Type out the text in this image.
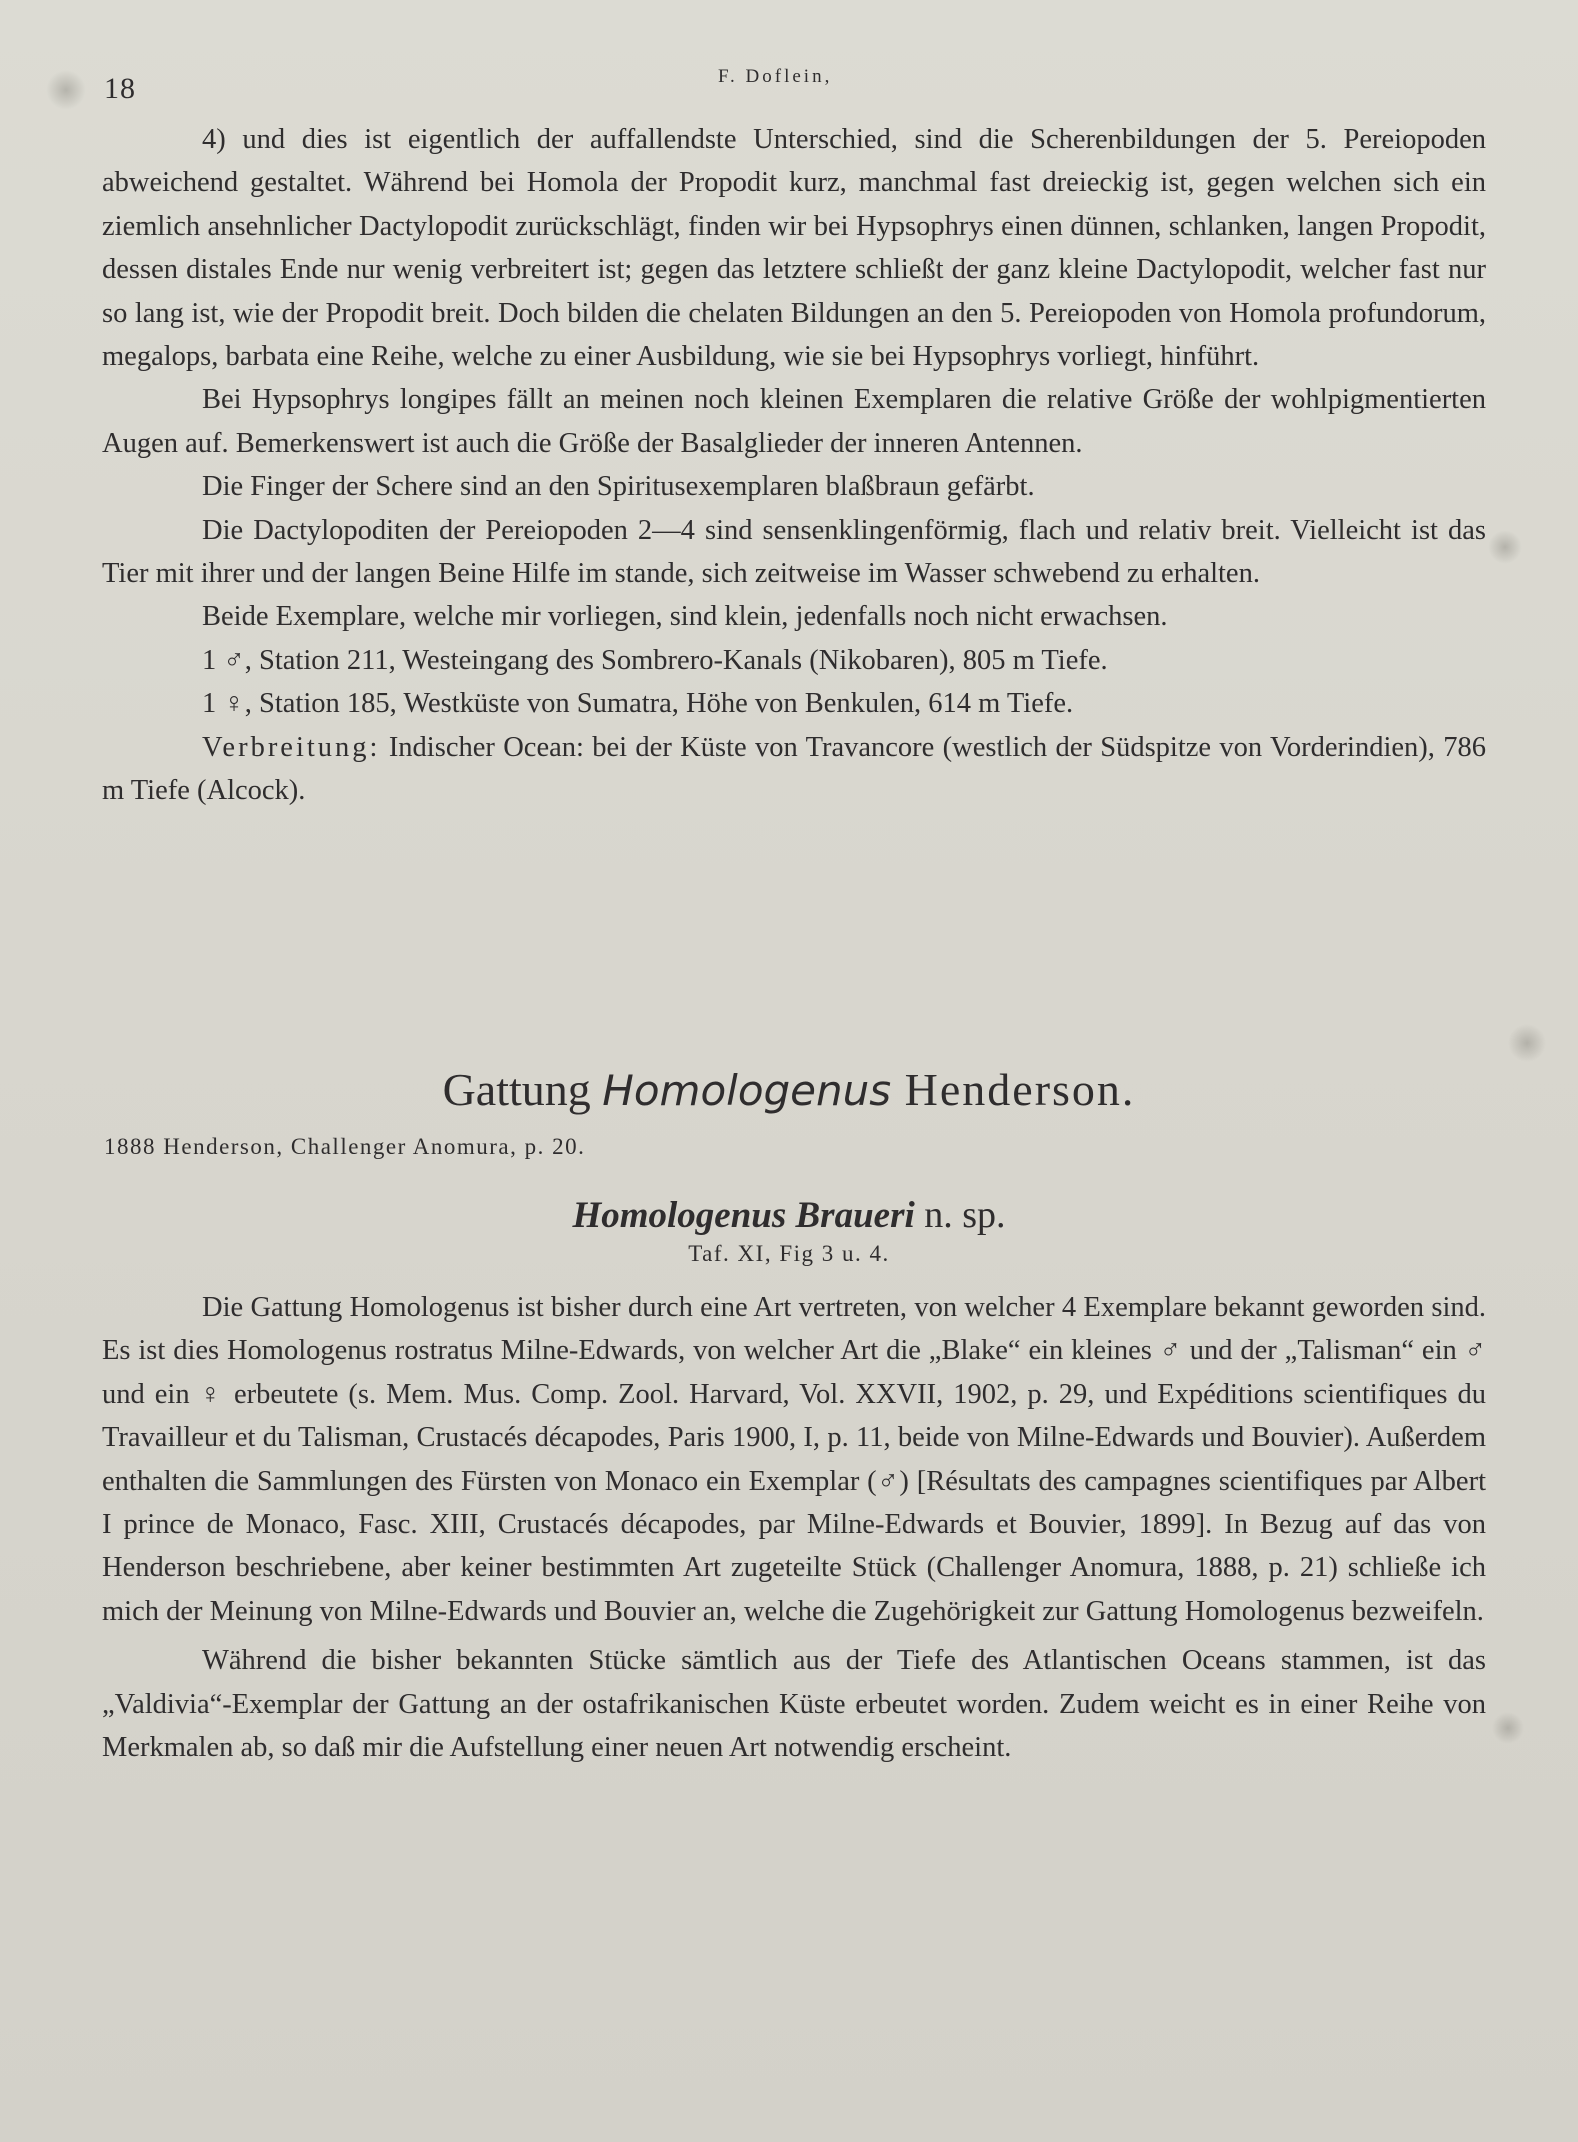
18	F. Doflein,

4) und dies ist eigentlich der auffallendste Unterschied, sind die Scherenbildungen der 5. Pereiopoden abweichend gestaltet. Während bei Homola der Propodit kurz, manchmal fast dreieckig ist, gegen welchen sich ein ziemlich ansehnlicher Dactylopodit zurückschlägt, finden wir bei Hypsophrys einen dünnen, schlanken, langen Propodit, dessen distales Ende nur wenig verbreitert ist; gegen das letztere schließt der ganz kleine Dactylopodit, welcher fast nur so lang ist, wie der Propodit breit. Doch bilden die chelaten Bildungen an den 5. Pereiopoden von Homola profundorum, megalops, barbata eine Reihe, welche zu einer Ausbildung, wie sie bei Hypsophrys vorliegt, hinführt.

Bei Hypsophrys longipes fällt an meinen noch kleinen Exemplaren die relative Größe der wohlpigmentierten Augen auf. Bemerkenswert ist auch die Größe der Basalglieder der inneren Antennen.

Die Finger der Schere sind an den Spiritusexemplaren blaßbraun gefärbt.

Die Dactylopoditen der Pereiopoden 2—4 sind sensenklingenförmig, flach und relativ breit. Vielleicht ist das Tier mit ihrer und der langen Beine Hilfe im stande, sich zeitweise im Wasser schwebend zu erhalten.

Beide Exemplare, welche mir vorliegen, sind klein, jedenfalls noch nicht erwachsen.

1 ♂, Station 211, Westeingang des Sombrero-Kanals (Nikobaren), 805 m Tiefe.

1 ♀, Station 185, Westküste von Sumatra, Höhe von Benkulen, 614 m Tiefe.

Verbreitung: Indischer Ocean: bei der Küste von Travancore (westlich der Südspitze von Vorderindien), 786 m Tiefe (Alcock).

Gattung Homologenus Henderson.
1888 Henderson, Challenger Anomura, p. 20.
Homologenus Braueri n. sp.
Taf. XI, Fig 3 u. 4.

Die Gattung Homologenus ist bisher durch eine Art vertreten, von welcher 4 Exemplare bekannt geworden sind. Es ist dies Homologenus rostratus Milne-Edwards, von welcher Art die „Blake“ ein kleines ♂ und der „Talisman“ ein ♂ und ein ♀ erbeutete (s. Mem. Mus. Comp. Zool. Harvard, Vol. XXVII, 1902, p. 29, und Expéditions scientifiques du Travailleur et du Talisman, Crustacés décapodes, Paris 1900, I, p. 11, beide von Milne-Edwards und Bouvier). Außerdem enthalten die Sammlungen des Fürsten von Monaco ein Exemplar (♂) [Résultats des campagnes scientifiques par Albert I prince de Monaco, Fasc. XIII, Crustacés décapodes, par Milne-Edwards et Bouvier, 1899]. In Bezug auf das von Henderson beschriebene, aber keiner bestimmten Art zugeteilte Stück (Challenger Anomura, 1888, p. 21) schließe ich mich der Meinung von Milne-Edwards und Bouvier an, welche die Zugehörigkeit zur Gattung Homologenus bezweifeln.

Während die bisher bekannten Stücke sämtlich aus der Tiefe des Atlantischen Oceans stammen, ist das „Valdivia“-Exemplar der Gattung an der ostafrikanischen Küste erbeutet worden. Zudem weicht es in einer Reihe von Merkmalen ab, so daß mir die Aufstellung einer neuen Art notwendig erscheint.
